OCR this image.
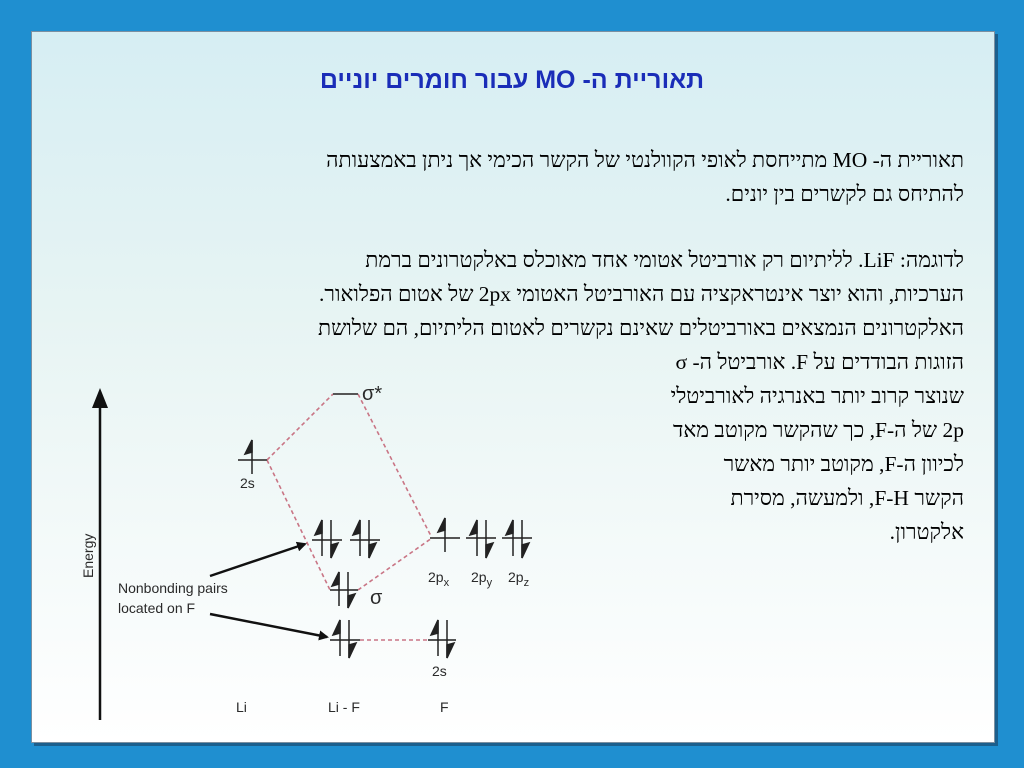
תאוריית ה- MO עבור חומרים יוניים
תאוריית ה- MO מתייחסת לאופי הקוולנטי של הקשר הכימי אך ניתן באמצעותה
להתיחס גם לקשרים בין יונים.
לדוגמה: LiF. לליתיום רק אורביטל אטומי אחד מאוכלס באלקטרונים ברמת
הערכיות, והוא יוצר אינטראקציה עם האורביטל האטומי 2px של אטום הפלואור.
האלקטרונים הנמצאים באורביטלים שאינם נקשרים לאטום הליתיום, הם שלושת
הזוגות הבודדים על F. אורביטל ה- σ
שנוצר קרוב יותר באנרגיה לאורביטלי
2p של ה-F, כך שהקשר מקוטב מאד
לכיוון ה-F, מקוטב יותר מאשר
הקשר F-H, ולמעשה, מסירת
אלקטרון.
Energy
σ*
σ
2s
2s
$2p_x$ $2p_y$ $2p_z$
Nonbonding pairs
located on F
Li	Li - F	F
